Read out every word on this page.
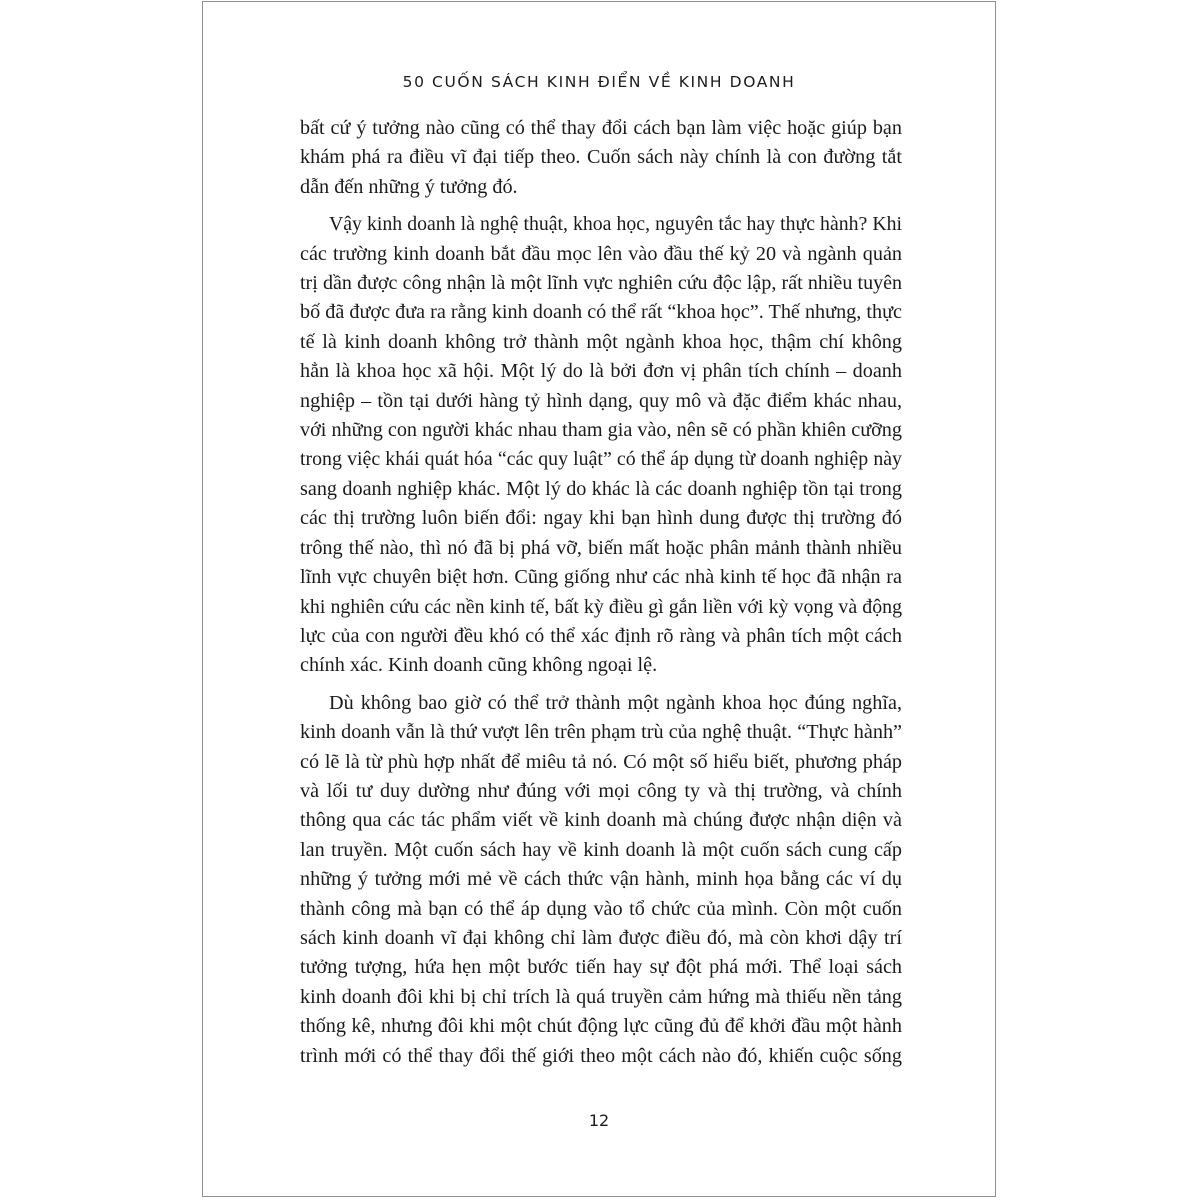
50 CUỐN SÁCH KINH ĐIỂN VỀ KINH DOANH

bất cứ ý tưởng nào cũng có thể thay đổi cách bạn làm việc hoặc giúp bạn
khám phá ra điều vĩ đại tiếp theo. Cuốn sách này chính là con đường tắt
dẫn đến những ý tưởng đó.

Vậy kinh doanh là nghệ thuật, khoa học, nguyên tắc hay thực hành? Khi
các trường kinh doanh bắt đầu mọc lên vào đầu thế kỷ 20 và ngành quản
trị dần được công nhận là một lĩnh vực nghiên cứu độc lập, rất nhiều tuyên
bố đã được đưa ra rằng kinh doanh có thể rất “khoa học”. Thế nhưng, thực
tế là kinh doanh không trở thành một ngành khoa học, thậm chí không
hẳn là khoa học xã hội. Một lý do là bởi đơn vị phân tích chính – doanh
nghiệp – tồn tại dưới hàng tỷ hình dạng, quy mô và đặc điểm khác nhau,
với những con người khác nhau tham gia vào, nên sẽ có phần khiên cưỡng
trong việc khái quát hóa “các quy luật” có thể áp dụng từ doanh nghiệp này
sang doanh nghiệp khác. Một lý do khác là các doanh nghiệp tồn tại trong
các thị trường luôn biến đổi: ngay khi bạn hình dung được thị trường đó
trông thế nào, thì nó đã bị phá vỡ, biến mất hoặc phân mảnh thành nhiều
lĩnh vực chuyên biệt hơn. Cũng giống như các nhà kinh tế học đã nhận ra
khi nghiên cứu các nền kinh tế, bất kỳ điều gì gắn liền với kỳ vọng và động
lực của con người đều khó có thể xác định rõ ràng và phân tích một cách
chính xác. Kinh doanh cũng không ngoại lệ.

Dù không bao giờ có thể trở thành một ngành khoa học đúng nghĩa,
kinh doanh vẫn là thứ vượt lên trên phạm trù của nghệ thuật. “Thực hành”
có lẽ là từ phù hợp nhất để miêu tả nó. Có một số hiểu biết, phương pháp
và lối tư duy dường như đúng với mọi công ty và thị trường, và chính
thông qua các tác phẩm viết về kinh doanh mà chúng được nhận diện và
lan truyền. Một cuốn sách hay về kinh doanh là một cuốn sách cung cấp
những ý tưởng mới mẻ về cách thức vận hành, minh họa bằng các ví dụ
thành công mà bạn có thể áp dụng vào tổ chức của mình. Còn một cuốn
sách kinh doanh vĩ đại không chỉ làm được điều đó, mà còn khơi dậy trí
tưởng tượng, hứa hẹn một bước tiến hay sự đột phá mới. Thể loại sách
kinh doanh đôi khi bị chỉ trích là quá truyền cảm hứng mà thiếu nền tảng
thống kê, nhưng đôi khi một chút động lực cũng đủ để khởi đầu một hành
trình mới có thể thay đổi thế giới theo một cách nào đó, khiến cuộc sống

12
